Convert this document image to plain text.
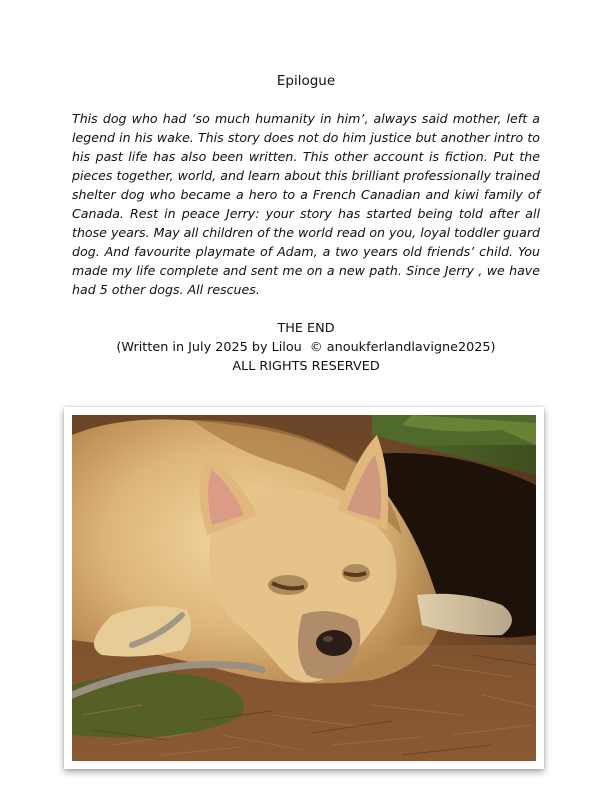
Epilogue
This dog who had ‘so much humanity in him’, always said mother, left a legend in his wake. This story does not do him justice but another intro to his past life has also been written. This other account is fiction. Put the pieces together, world, and learn about this brilliant professionally trained shelter dog who became a hero to a French Canadian and kiwi family of Canada. Rest in peace Jerry: your story has started being told after all those years. May all children of the world read on you, loyal toddler guard dog. And favourite playmate of Adam, a two years old friends’ child. You made my life complete and sent me on a new path. Since Jerry , we have had 5 other dogs. All rescues.
THE END
(Written in July 2025 by Lilou  © anoukferlandlavigne2025)
ALL RIGHTS RESERVED
